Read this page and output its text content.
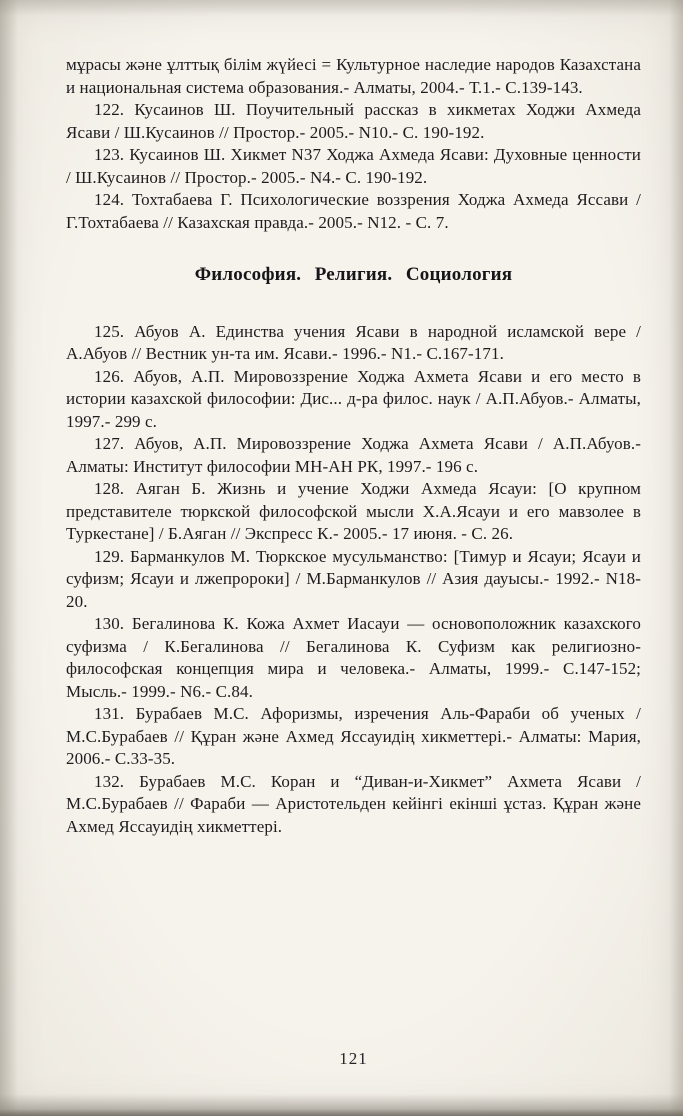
мұрасы және ұлттық білім жүйесі = Культурное наследие народов Казахстана и национальная система образования.- Алматы, 2004.- Т.1.- С.139-143.

122. Кусаинов Ш. Поучительный рассказ в хикметах Ходжи Ахмеда Ясави / Ш.Кусаинов // Простор.- 2005.- N10.- С. 190-192.

123. Кусаинов Ш. Хикмет N37 Ходжа Ахмеда Ясави: Духовные ценности / Ш.Кусаинов // Простор.- 2005.- N4.- С. 190-192.

124. Тохтабаева Г. Психологические воззрения Ходжа Ахмеда Яссави / Г.Тохтабаева // Казахская правда.- 2005.- N12. - С. 7.

Философия. Религия. Социология

125. Абуов А. Единства учения Ясави в народной исламской вере / А.Абуов // Вестник ун-та им. Ясави.- 1996.- N1.- С.167-171.

126. Абуов, А.П. Мировоззрение Ходжа Ахмета Ясави и его место в истории казахской философии: Дис... д-ра филос. наук / А.П.Абуов.- Алматы, 1997.- 299 с.

127. Абуов, А.П. Мировоззрение Ходжа Ахмета Ясави / А.П.Абуов.- Алматы: Институт философии МН-АН РК, 1997.- 196 с.

128. Аяган Б. Жизнь и учение Ходжи Ахмеда Ясауи: [О крупном представителе тюркской философской мысли Х.А.Ясауи и его мавзолее в Туркестане] / Б.Аяган // Экспресс К.- 2005.- 17 июня. - С. 26.

129. Барманкулов М. Тюркское мусульманство: [Тимур и Ясауи; Ясауи и суфизм; Ясауи и лжепророки] / М.Барманкулов // Азия дауысы.- 1992.- N18-20.

130. Бегалинова К. Кожа Ахмет Иасауи — основоположник казахского суфизма / К.Бегалинова // Бегалинова К. Суфизм как религиозно-философская концепция мира и человека.- Алматы, 1999.- С.147-152; Мысль.- 1999.- N6.- С.84.

131. Бурабаев М.С. Афоризмы, изречения Аль-Фараби об ученых / М.С.Бурабаев // Құран және Ахмед Яссауидің хикметтері.- Алматы: Мария, 2006.- С.33-35.

132. Бурабаев М.С. Коран и “Диван-и-Хикмет” Ахмета Ясави / М.С.Бурабаев // Фараби — Аристотельден кейінгі екінші ұстаз. Құран және Ахмед Яссауидің хикметтері.

121
